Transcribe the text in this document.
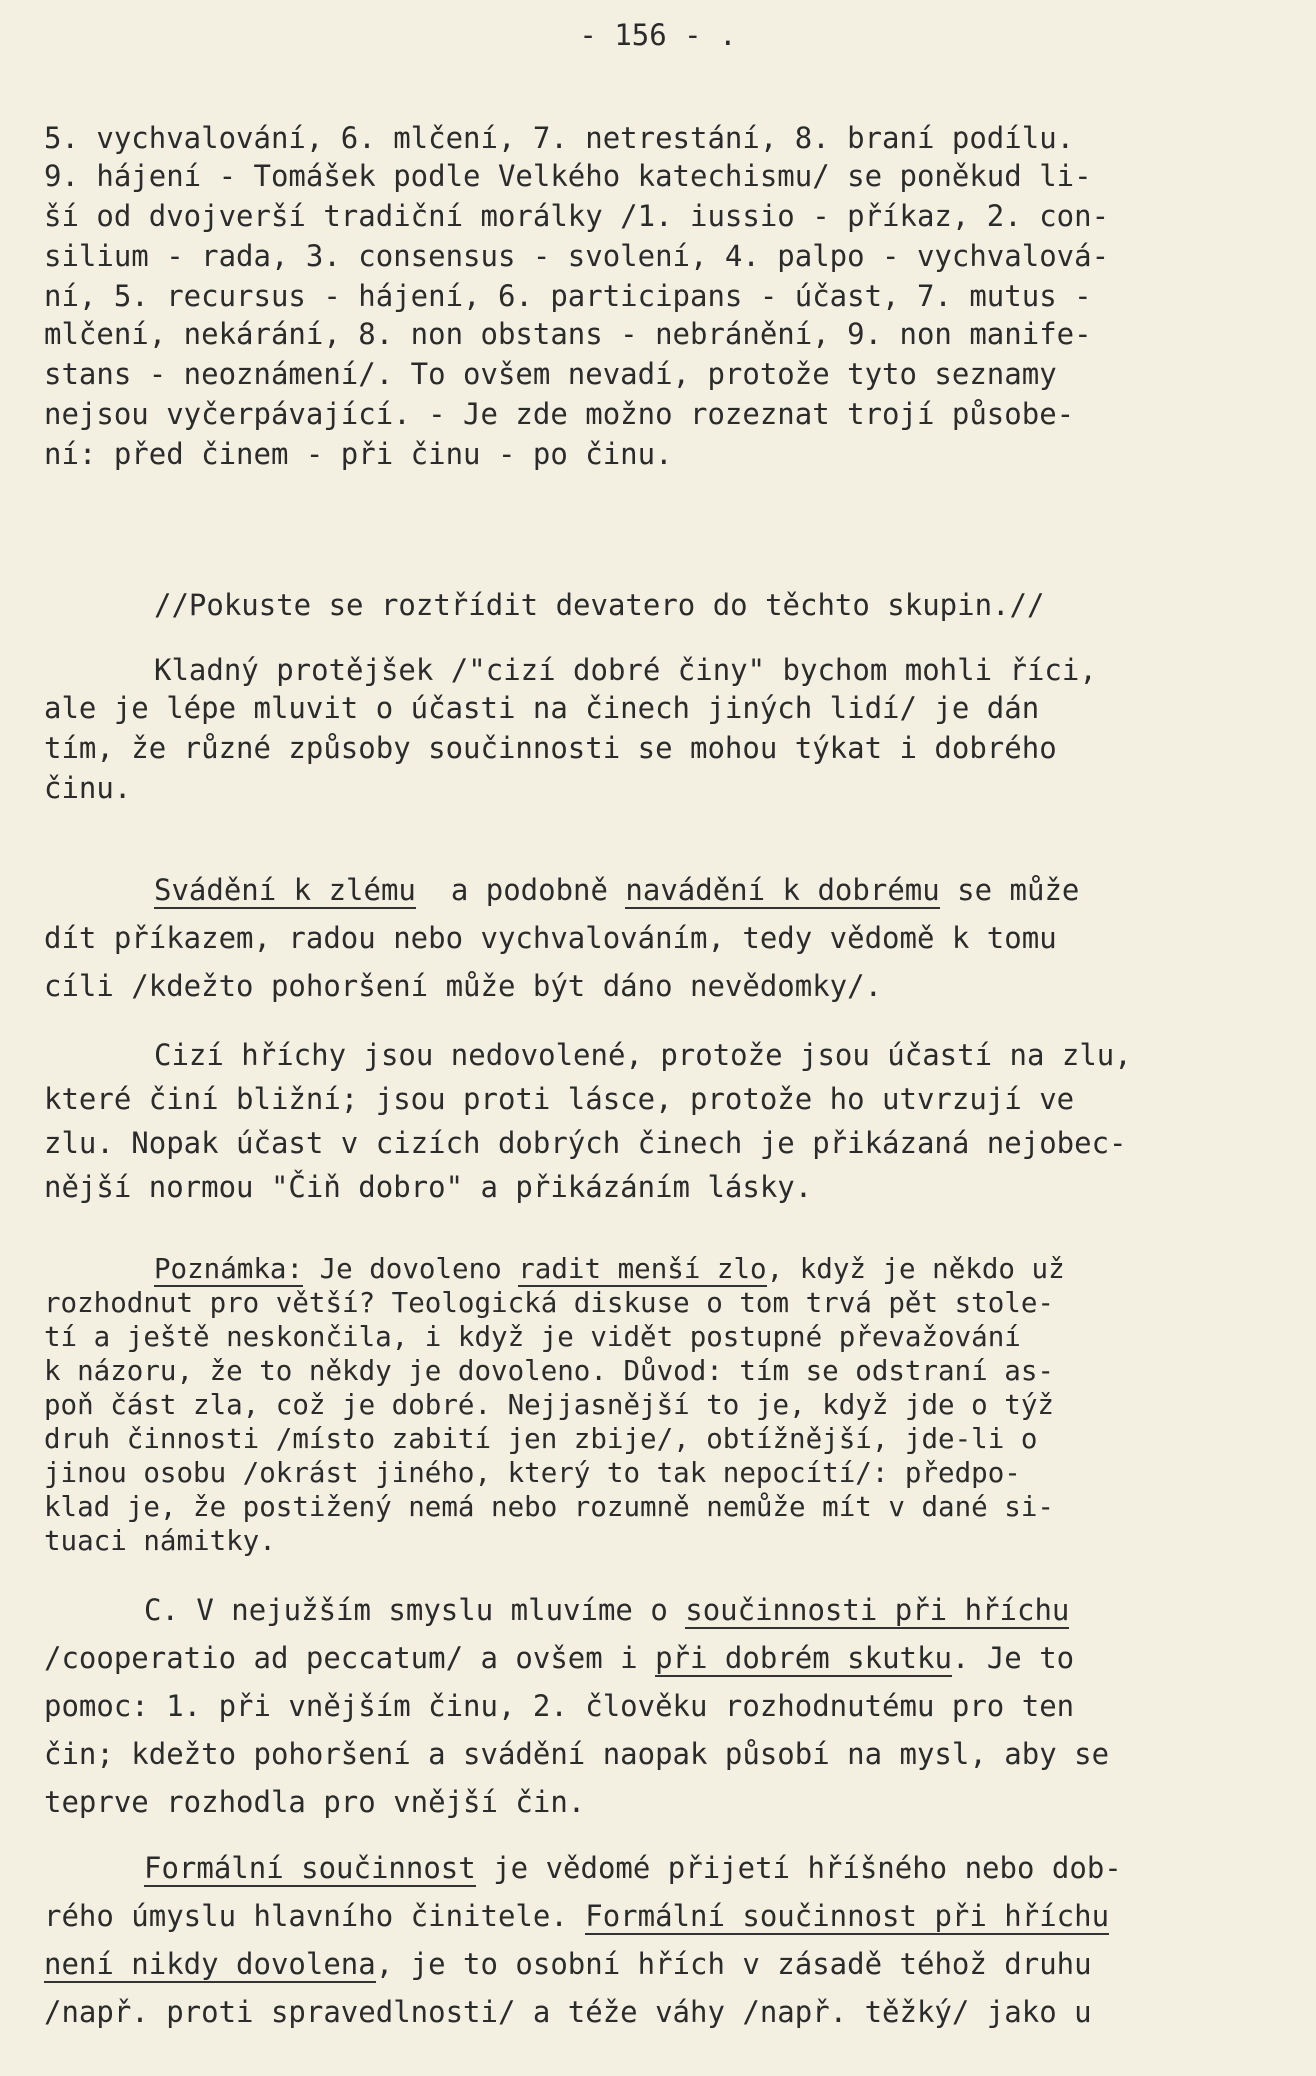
- 156 - .
5. vychvalování, 6. mlčení, 7. netrestání, 8. braní podílu.
9. hájení - Tomášek podle Velkého katechismu/ se poněkud li-
ší od dvojverší tradiční morálky /1. iussio - příkaz, 2. con-
silium - rada, 3. consensus - svolení, 4. palpo - vychvalová-
ní, 5. recursus - hájení, 6. participans - účast, 7. mutus -
mlčení, nekárání, 8. non obstans - nebránění, 9. non manife-
stans - neoznámení/. To ovšem nevadí, protože tyto seznamy
nejsou vyčerpávající. - Je zde možno rozeznat trojí působe-
ní: před činem - při činu - po činu.
//Pokuste se roztřídit devatero do těchto skupin.//
Kladný protějšek /"cizí dobré činy" bychom mohli říci,
ale je lépe mluvit o účasti na činech jiných lidí/ je dán
tím, že různé způsoby součinnosti se mohou týkat i dobrého
činu.
Svádění k zlému  a podobně navádění k dobrému se může
dít příkazem, radou nebo vychvalováním, tedy vědomě k tomu
cíli /kdežto pohoršení může být dáno nevědomky/.
Cizí hříchy jsou nedovolené, protože jsou účastí na zlu,
které činí bližní; jsou proti lásce, protože ho utvrzují ve
zlu. Nopak účast v cizích dobrých činech je přikázaná nejobec-
nější normou "Čiň dobro" a přikázáním lásky.
Poznámka: Je dovoleno radit menší zlo, když je někdo už
rozhodnut pro větší? Teologická diskuse o tom trvá pět stole-
tí a ještě neskončila, i když je vidět postupné převažování
k názoru, že to někdy je dovoleno. Důvod: tím se odstraní as-
poň část zla, což je dobré. Nejjasnější to je, když jde o týž
druh činnosti /místo zabití jen zbije/, obtížnější, jde-li o
jinou osobu /okrást jiného, který to tak nepocítí/: předpo-
klad je, že postižený nemá nebo rozumně nemůže mít v dané si-
tuaci námitky.
C. V nejužším smyslu mluvíme o součinnosti při hříchu
/cooperatio ad peccatum/ a ovšem i při dobrém skutku. Je to
pomoc: 1. při vnějším činu, 2. člověku rozhodnutému pro ten
čin; kdežto pohoršení a svádění naopak působí na mysl, aby se
teprve rozhodla pro vnější čin.
Formální součinnost je vědomé přijetí hříšného nebo dob-
rého úmyslu hlavního činitele. Formální součinnost při hříchu
není nikdy dovolena, je to osobní hřích v zásadě téhož druhu
/např. proti spravedlnosti/ a téže váhy /např. těžký/ jako u
